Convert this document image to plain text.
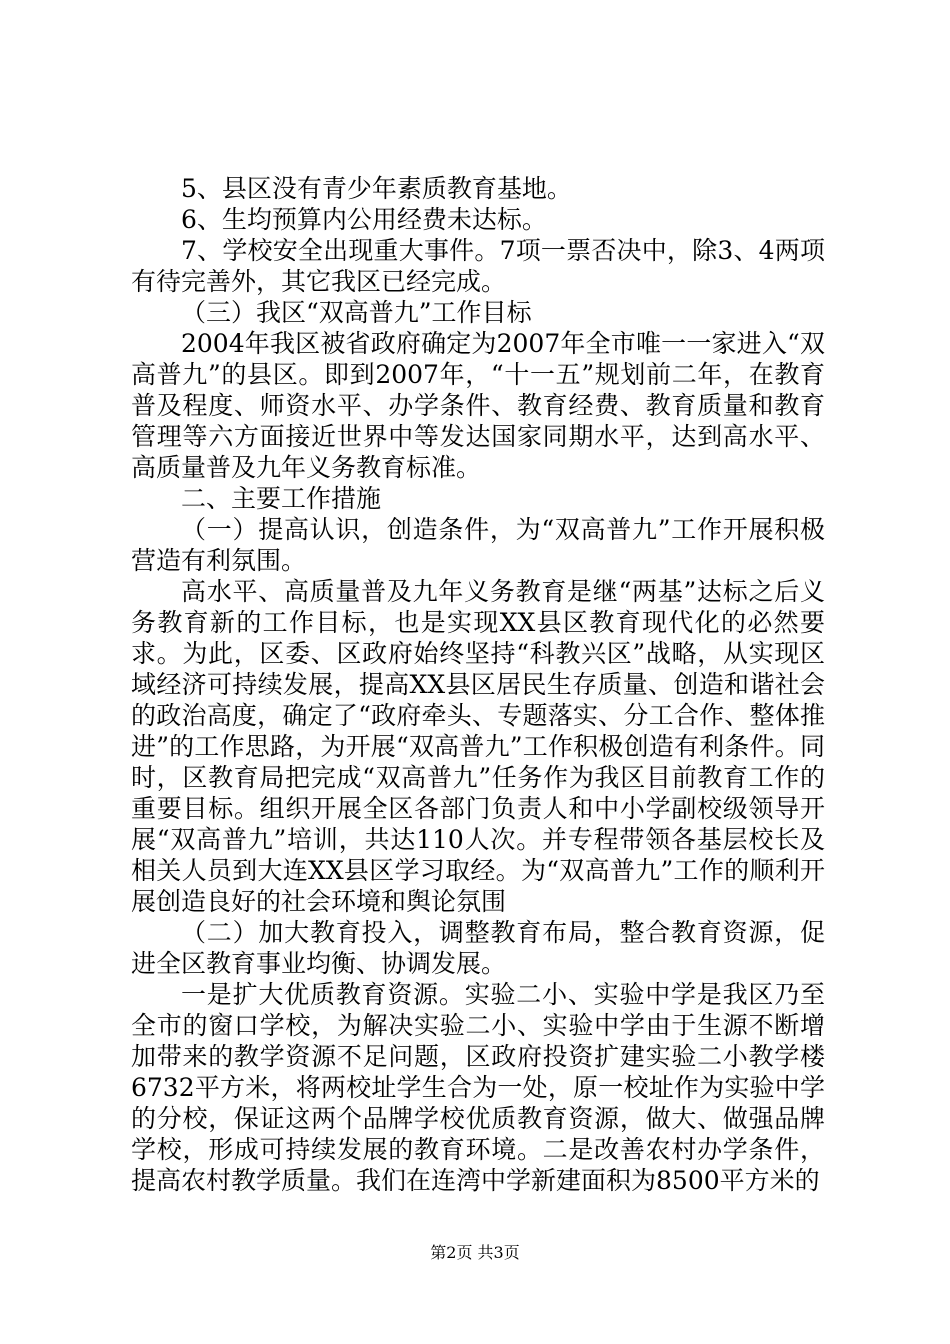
5、县区没有青少年素质教育基地。

6、生均预算内公用经费未达标。

7、学校安全出现重大事件。7项一票否决中，除3、4两项有待完善外，其它我区已经完成。

（三）我区“双高普九”工作目标

2004年我区被省政府确定为2007年全市唯一一家进入“双高普九”的县区。即到2007年，“十一五”规划前二年，在教育普及程度、师资水平、办学条件、教育经费、教育质量和教育管理等六方面接近世界中等发达国家同期水平，达到高水平、高质量普及九年义务教育标准。

二、主要工作措施

（一）提高认识，创造条件，为“双高普九”工作开展积极营造有利氛围。

高水平、高质量普及九年义务教育是继“两基”达标之后义务教育新的工作目标，也是实现XX县区教育现代化的必然要求。为此，区委、区政府始终坚持“科教兴区”战略，从实现区域经济可持续发展，提高XX县区居民生存质量、创造和谐社会的政治高度，确定了“政府牵头、专题落实、分工合作、整体推进”的工作思路，为开展“双高普九”工作积极创造有利条件。同时，区教育局把完成“双高普九”任务作为我区目前教育工作的重要目标。组织开展全区各部门负责人和中小学副校级领导开展“双高普九”培训，共达110人次。并专程带领各基层校长及相关人员到大连XX县区学习取经。为“双高普九”工作的顺利开展创造良好的社会环境和舆论氛围

（二）加大教育投入，调整教育布局，整合教育资源，促进全区教育事业均衡、协调发展。

一是扩大优质教育资源。实验二小、实验中学是我区乃至全市的窗口学校，为解决实验二小、实验中学由于生源不断增加带来的教学资源不足问题，区政府投资扩建实验二小教学楼6732平方米，将两校址学生合为一处，原一校址作为实验中学的分校，保证这两个品牌学校优质教育资源，做大、做强品牌学校，形成可持续发展的教育环境。二是改善农村办学条件，提高农村教学质量。我们在连湾中学新建面积为8500平方米的

第2页 共3页
